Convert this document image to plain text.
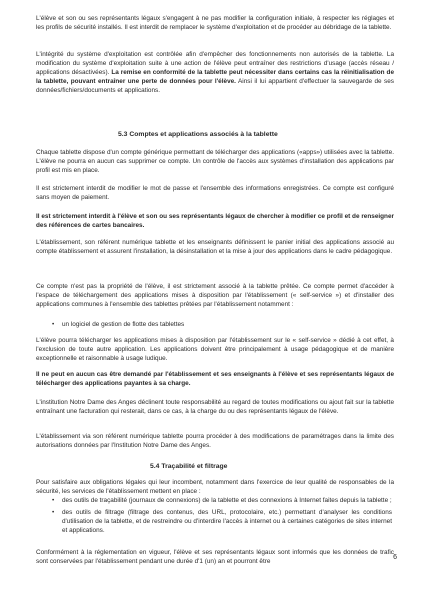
L'élève et son ou ses représentants légaux s'engagent à ne pas modifier la configuration initiale, à respecter les réglages et les profils de sécurité installés. Il est interdit de remplacer le système d'exploitation et de procéder au débridage de la tablette.

L'intégrité du système d'exploitation est contrôlée afin d'empêcher des fonctionnements non autorisés de la tablette. La modification du système d'exploitation suite à une action de l'élève peut entraîner des restrictions d'usage (accès réseau / applications désactivées). La remise en conformité de la tablette peut nécessiter dans certains cas la réinitialisation de la tablette, pouvant entraîner une perte de données pour l'élève. Ainsi il lui appartient d'effectuer la sauvegarde de ses données/fichiers/documents et applications.

5.3 Comptes et applications associés à la tablette

Chaque tablette dispose d'un compte générique permettant de télécharger des applications («apps») utilisées avec la tablette. L'élève ne pourra en aucun cas supprimer ce compte. Un contrôle de l'accès aux systèmes d'installation des applications par profil est mis en place.

Il est strictement interdit de modifier le mot de passe et l'ensemble des informations enregistrées. Ce compte est configuré sans moyen de paiement.

Il est strictement interdit à l'élève et son ou ses représentants légaux de chercher à modifier ce profil et de renseigner des références de cartes bancaires.

L'établissement, son référent numérique tablette et les enseignants définissent le panier initial des applications associé au compte établissement et assurent l'installation, la désinstallation et la mise à jour des applications dans le cadre pédagogique.

Ce compte n'est pas la propriété de l'élève, il est strictement associé à la tablette prêtée. Ce compte permet d'accéder à l'espace de téléchargement des applications mises à disposition par l'établissement (« self-service ») et d'installer des applications communes à l'ensemble des tablettes prêtées par l'établissement notamment :

• un logiciel de gestion de flotte des tablettes

L'élève pourra télécharger les applications mises à disposition par l'établissement sur le « self-service » dédié à cet effet, à l'exclusion de toute autre application. Les applications doivent être principalement à usage pédagogique et de manière exceptionnelle et raisonnable à usage ludique.

Il ne peut en aucun cas être demandé par l'établissement et ses enseignants à l'élève et ses représentants légaux de télécharger des applications payantes à sa charge.

L'institution Notre Dame des Anges déclinent toute responsabilité au regard de toutes modifications ou ajout fait sur la tablette entraînant une facturation qui resterait, dans ce cas, à la charge du ou des représentants légaux de l'élève.

L'établissement via son référent numérique tablette pourra procéder à des modifications de paramétrages dans la limite des autorisations données par l'Institution Notre Dame des Anges.

5.4 Traçabilité et filtrage

Pour satisfaire aux obligations légales qui leur incombent, notamment dans l'exercice de leur qualité de responsables de la sécurité, les services de l'établissement mettent en place :

• des outils de traçabilité (journaux de connexions) de la tablette et des connexions à Internet faites depuis la tablette ;
• des outils de filtrage (filtrage des contenus, des URL, protocolaire, etc.) permettant d'analyser les conditions d'utilisation de la tablette, et de restreindre ou d'interdire l'accès à internet ou à certaines catégories de sites internet et applications.

Conformément à la réglementation en vigueur, l'élève et ses représentants légaux sont informés que les données de trafic sont conservées par l'établissement pendant une durée d'1 (un) an et pourront être

6
